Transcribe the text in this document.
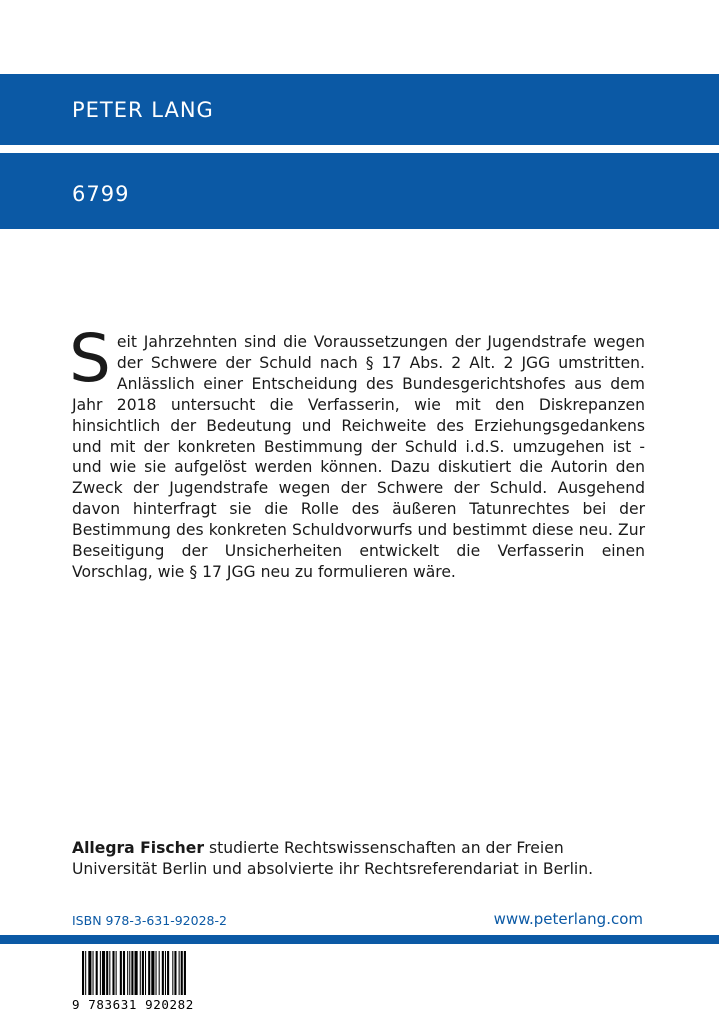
PETER LANG
6799

Seit Jahrzehnten sind die Voraussetzungen der Jugendstrafe wegen der Schwere der Schuld nach § 17 Abs. 2 Alt. 2 JGG umstritten. Anlässlich einer Entscheidung des Bundesgerichtshofes aus dem Jahr 2018 untersucht die Verfasserin, wie mit den Diskrepanzen hinsichtlich der Bedeutung und Reichweite des Erziehungsgedankens und mit der konkreten Bestimmung der Schuld i.d.S. umzugehen ist - und wie sie aufgelöst werden können. Dazu diskutiert die Autorin den Zweck der Jugendstrafe wegen der Schwere der Schuld. Ausgehend davon hinterfragt sie die Rolle des äußeren Tatunrechtes bei der Bestimmung des konkreten Schuldvorwurfs und bestimmt diese neu. Zur Beseitigung der Unsicherheiten entwickelt die Verfasserin einen Vorschlag, wie § 17 JGG neu zu formulieren wäre.

Allegra Fischer studierte Rechtswissenschaften an der Freien Universität Berlin und absolvierte ihr Rechtsreferendariat in Berlin.

ISBN 978-3-631-92028-2	www.peterlang.com
9 783631 920282
